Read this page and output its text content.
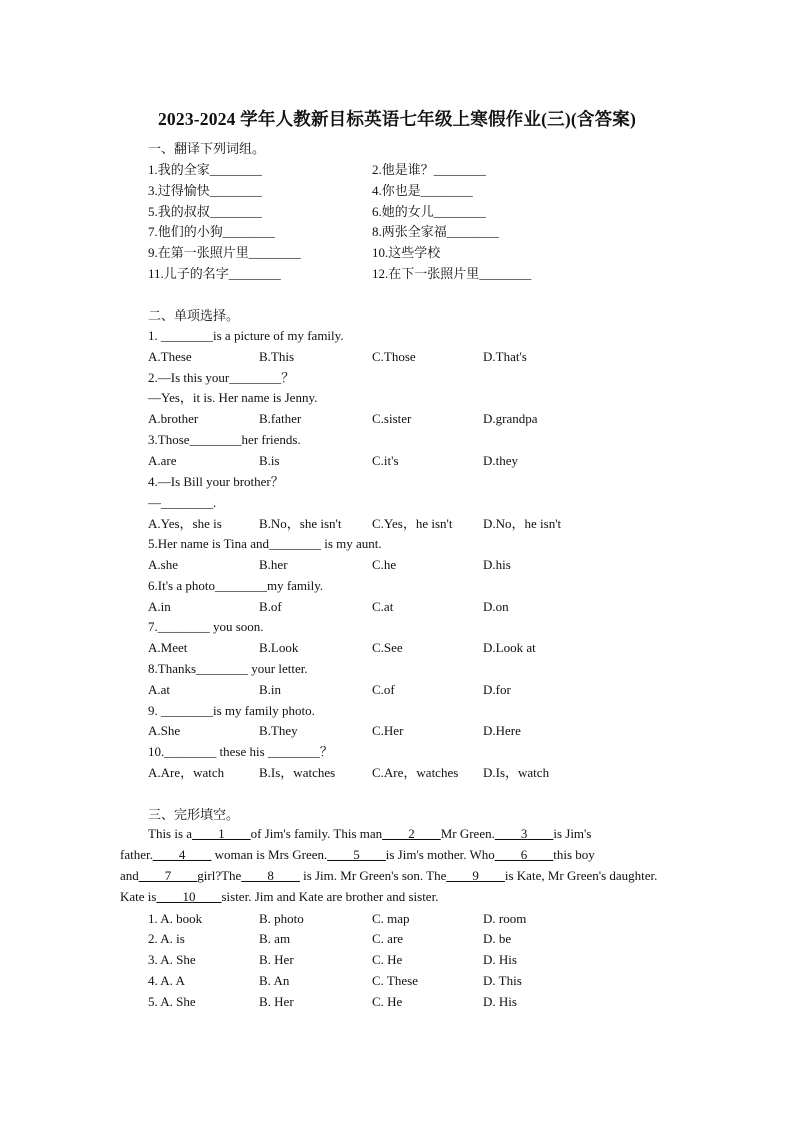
2023-2024 学年人教新目标英语七年级上寒假作业(三)(含答案)
一、翻译下列词组。
1.我的全家________	2.他是谁？________
3.过得愉快________	4.你也是________
5.我的叔叔________	6.她的女儿________
7.他们的小狗________	8.两张全家福________
9.在第一张照片里________	10.这些学校
11.儿子的名字________	12.在下一张照片里________
二、单项选择。
1. ________is a picture of my family.
A.These	B.This	C.Those	D.That's
2.—Is this your________？
—Yes，it is. Her name is Jenny.
A.brother	B.father	C.sister	D.grandpa
3.Those________her friends.
A.are	B.is	C.it's	D.they
4.—Is Bill your brother？
—________.
A.Yes，she is	B.No，she isn't C.Yes，he isn't D.No，he isn't
5.Her name is Tina and________ is my aunt.
A.she	B.her	C.he	D.his
6.It's a photo________my family.
A.in	B.of	C.at	D.on
7.________ you soon.
A.Meet	B.Look	C.See	D.Look at
8.Thanks________ your letter.
A.at	B.in	C.of	D.for
9. ________is my family photo.
A.She	B.They	C.Her	D.Here
10.________ these his ________？
A.Are，watch	B.Is，watches	C.Are，watches D.Is，watch
三、完形填空。
This is a____1____of Jim's family. This man____2____Mr Green.____3____is Jim's father.____4____ woman is Mrs Green.____5____is Jim's mother. Who____6____this boy and____7____girl?The____8____ is Jim. Mr Green's son. The____9____is Kate, Mr Green's daughter. Kate is____10____sister. Jim and Kate are brother and sister.
1. A. book	B. photo	C. map	D. room
2. A. is	B. am	C. are	D. be
3. A. She	B. Her	C. He	D. His
4. A. A	B. An	C. These	D. This
5. A. She	B. Her	C. He	D. His
